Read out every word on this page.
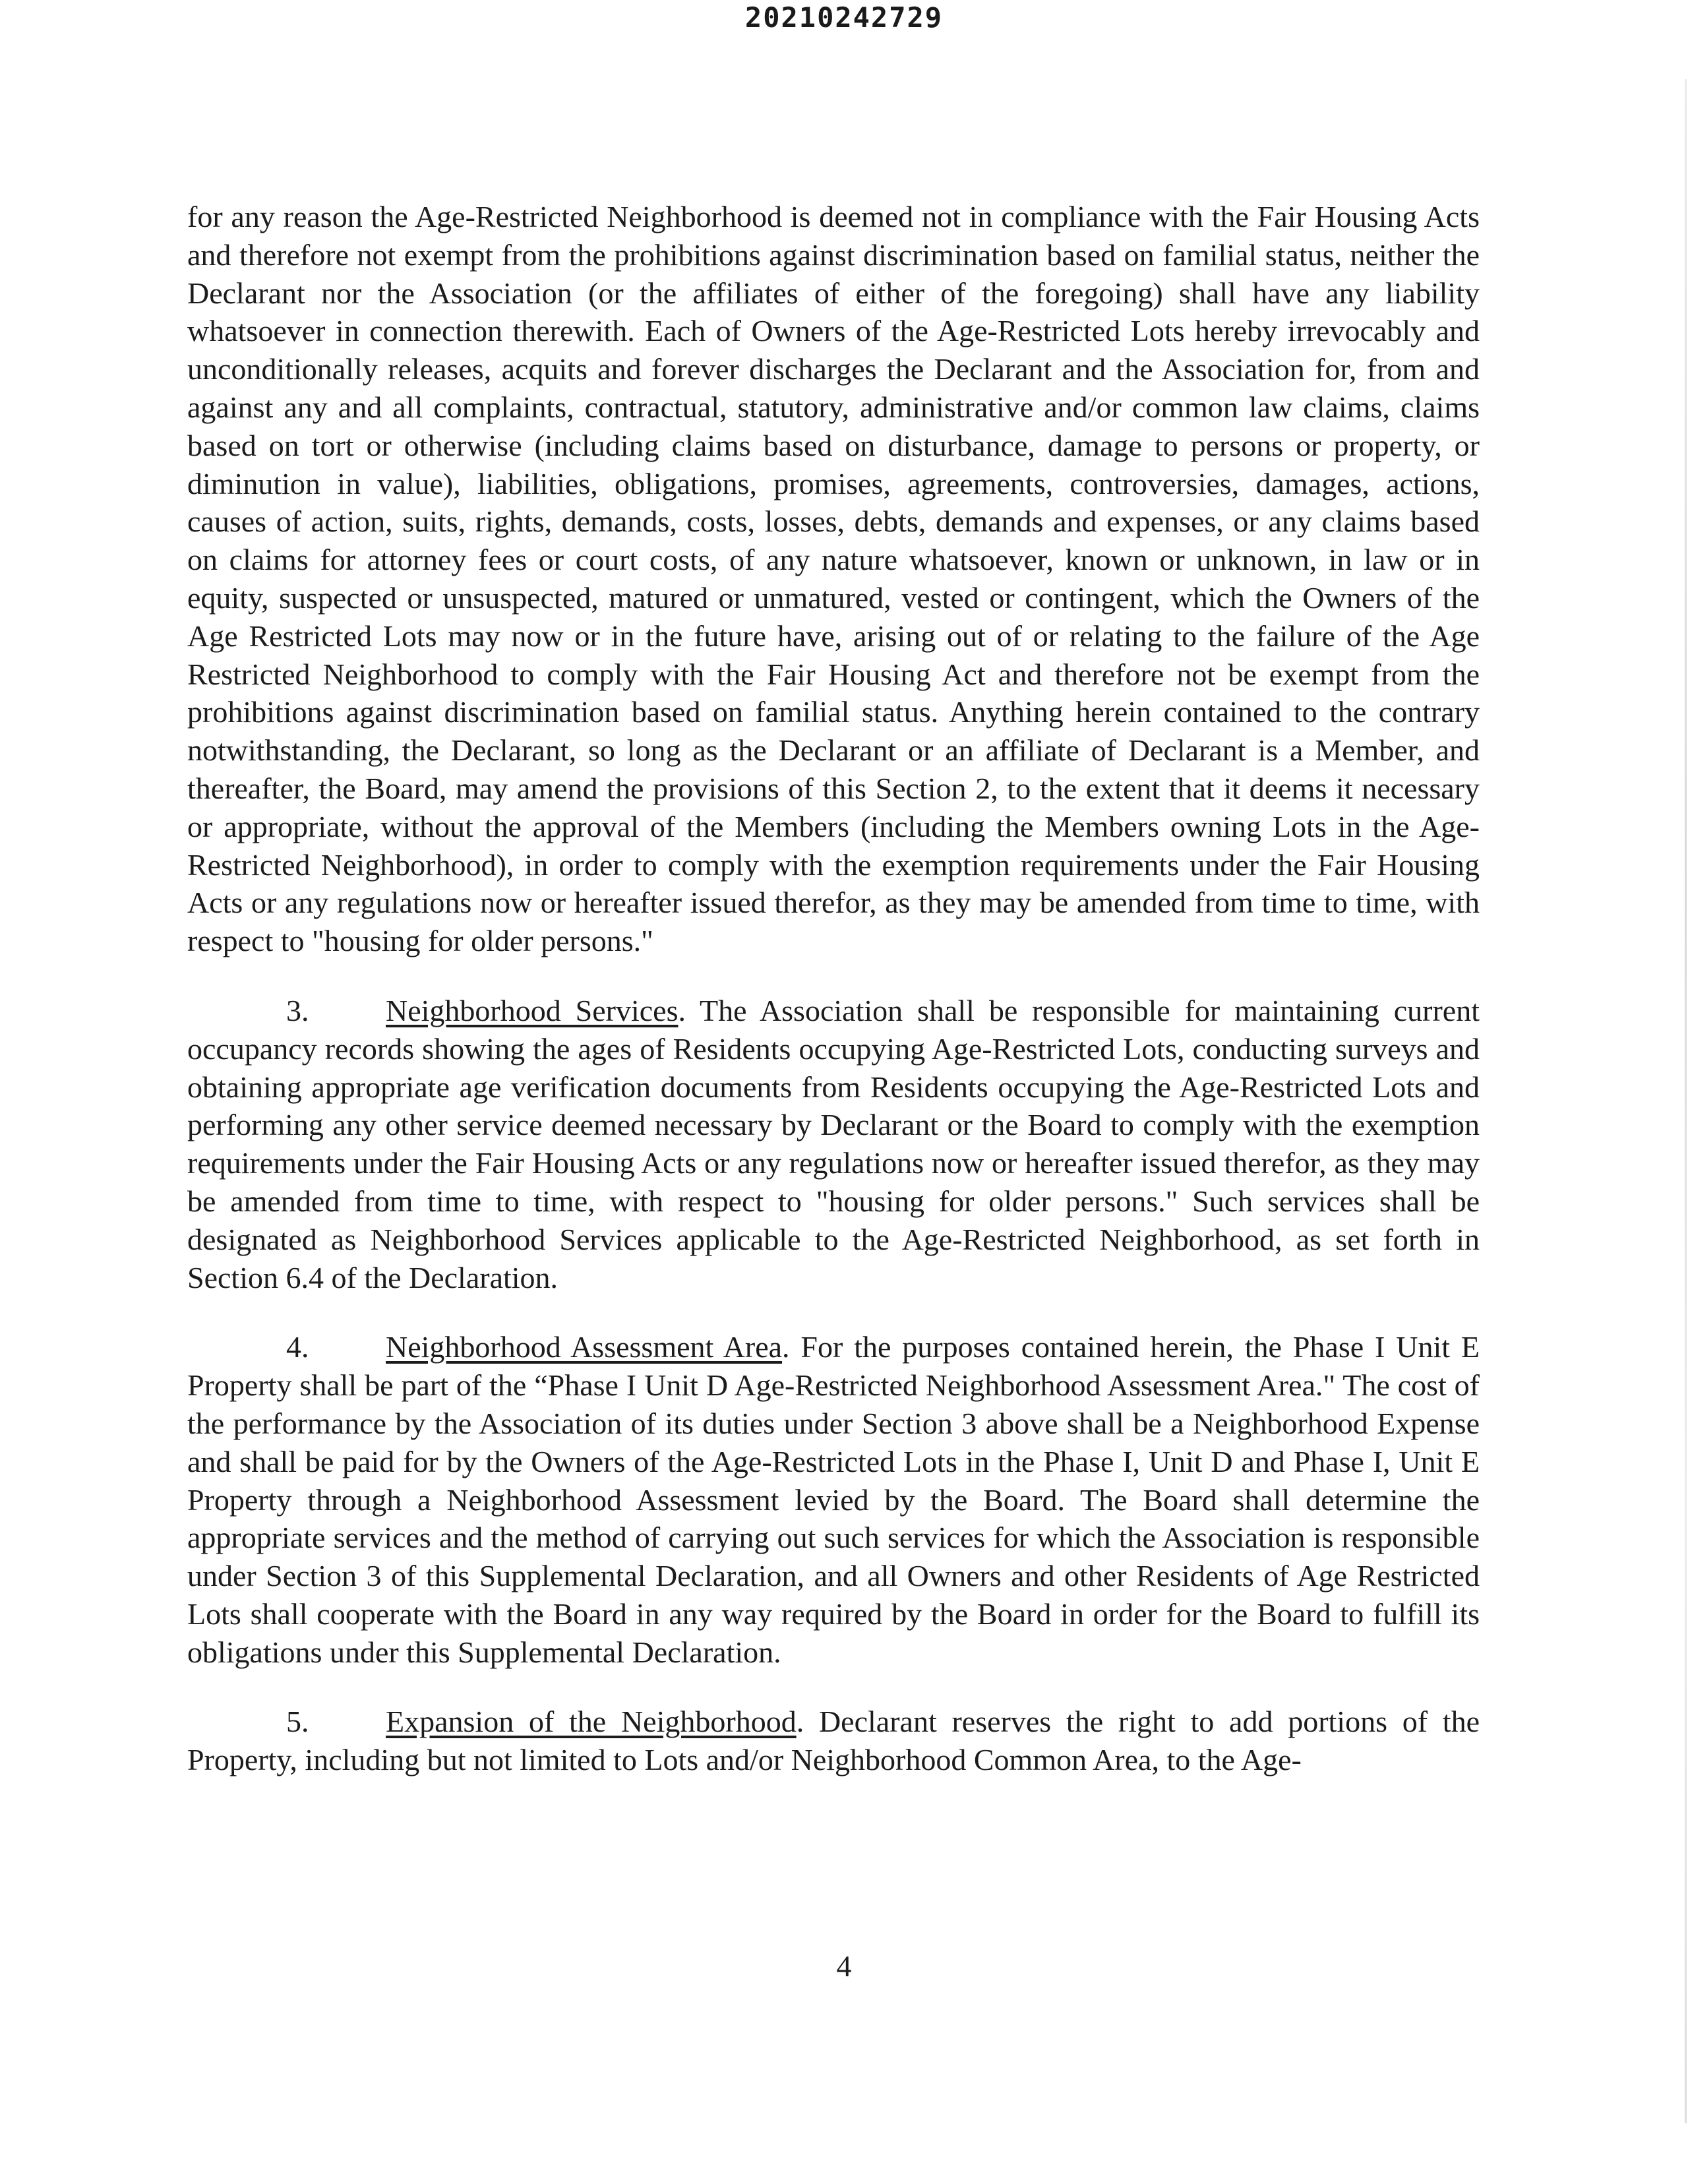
20210242729

for any reason the Age-Restricted Neighborhood is deemed not in compliance with the Fair Housing Acts and therefore not exempt from the prohibitions against discrimination based on familial status, neither the Declarant nor the Association (or the affiliates of either of the foregoing) shall have any liability whatsoever in connection therewith. Each of Owners of the Age-Restricted Lots hereby irrevocably and unconditionally releases, acquits and forever discharges the Declarant and the Association for, from and against any and all complaints, contractual, statutory, administrative and/or common law claims, claims based on tort or otherwise (including claims based on disturbance, damage to persons or property, or diminution in value), liabilities, obligations, promises, agreements, controversies, damages, actions, causes of action, suits, rights, demands, costs, losses, debts, demands and expenses, or any claims based on claims for attorney fees or court costs, of any nature whatsoever, known or unknown, in law or in equity, suspected or unsuspected, matured or unmatured, vested or contingent, which the Owners of the Age Restricted Lots may now or in the future have, arising out of or relating to the failure of the Age Restricted Neighborhood to comply with the Fair Housing Act and therefore not be exempt from the prohibitions against discrimination based on familial status. Anything herein contained to the contrary notwithstanding, the Declarant, so long as the Declarant or an affiliate of Declarant is a Member, and thereafter, the Board, may amend the provisions of this Section 2, to the extent that it deems it necessary or appropriate, without the approval of the Members (including the Members owning Lots in the Age-Restricted Neighborhood), in order to comply with the exemption requirements under the Fair Housing Acts or any regulations now or hereafter issued therefor, as they may be amended from time to time, with respect to "housing for older persons."

3.	Neighborhood Services. The Association shall be responsible for maintaining current occupancy records showing the ages of Residents occupying Age-Restricted Lots, conducting surveys and obtaining appropriate age verification documents from Residents occupying the Age-Restricted Lots and performing any other service deemed necessary by Declarant or the Board to comply with the exemption requirements under the Fair Housing Acts or any regulations now or hereafter issued therefor, as they may be amended from time to time, with respect to "housing for older persons." Such services shall be designated as Neighborhood Services applicable to the Age-Restricted Neighborhood, as set forth in Section 6.4 of the Declaration.

4.	Neighborhood Assessment Area. For the purposes contained herein, the Phase I Unit E Property shall be part of the “Phase I Unit D Age-Restricted Neighborhood Assessment Area." The cost of the performance by the Association of its duties under Section 3 above shall be a Neighborhood Expense and shall be paid for by the Owners of the Age-Restricted Lots in the Phase I, Unit D and Phase I, Unit E Property through a Neighborhood Assessment levied by the Board. The Board shall determine the appropriate services and the method of carrying out such services for which the Association is responsible under Section 3 of this Supplemental Declaration, and all Owners and other Residents of Age Restricted Lots shall cooperate with the Board in any way required by the Board in order for the Board to fulfill its obligations under this Supplemental Declaration.

5.	Expansion of the Neighborhood. Declarant reserves the right to add portions of the Property, including but not limited to Lots and/or Neighborhood Common Area, to the Age-

4
